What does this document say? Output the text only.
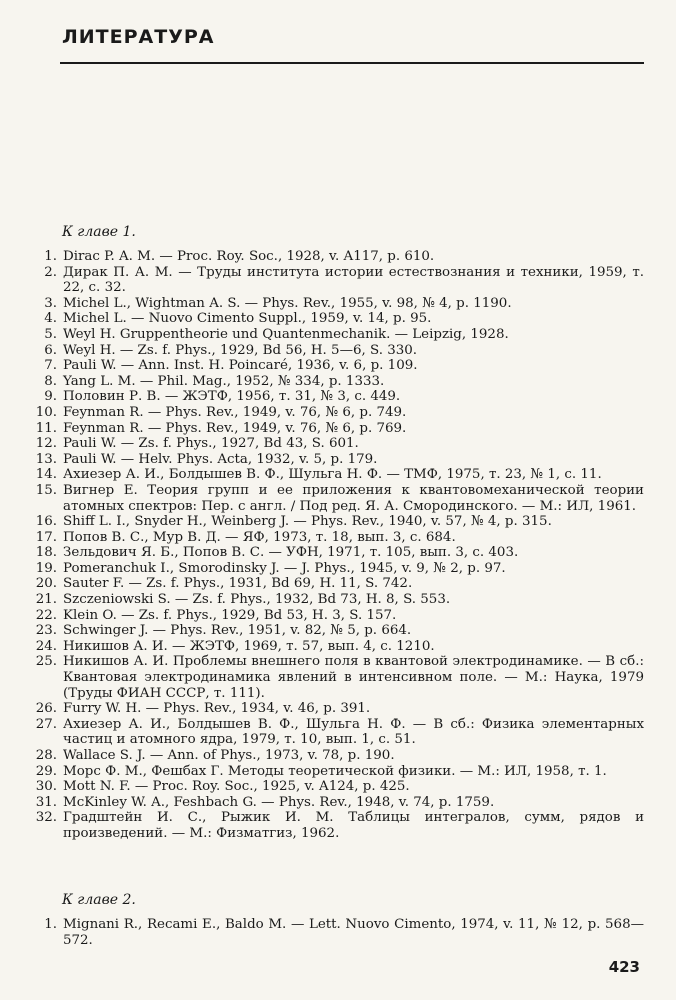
ЛИТЕРАТУРА
К главе 1.
1. Dirac P. A. M. — Proc. Roy. Soc., 1928, v. A117, p. 610.
2. Дирак П. А. М. — Труды института истории естествознания и техники, 1959, т. 22, с. 32.
3. Michel L., Wightman A. S. — Phys. Rev., 1955, v. 98, № 4, p. 1190.
4. Michel L. — Nuovo Cimento Suppl., 1959, v. 14, p. 95.
5. Weyl H. Gruppentheorie und Quantenmechanik. — Leipzig, 1928.
6. Weyl H. — Zs. f. Phys., 1929, Bd 56, H. 5—6, S. 330.
7. Pauli W. — Ann. Inst. H. Poincaré, 1936, v. 6, p. 109.
8. Yang L. M. — Phil. Mag., 1952, № 334, p. 1333.
9. Половин Р. В. — ЖЭТФ, 1956, т. 31, № 3, с. 449.
10. Feynman R. — Phys. Rev., 1949, v. 76, № 6, p. 749.
11. Feynman R. — Phys. Rev., 1949, v. 76, № 6, p. 769.
12. Pauli W. — Zs. f. Phys., 1927, Bd 43, S. 601.
13. Pauli W. — Helv. Phys. Acta, 1932, v. 5, p. 179.
14. Ахиезер А. И., Болдышев В. Ф., Шульга Н. Ф. — ТМФ, 1975, т. 23, № 1, с. 11.
15. Вигнер Е. Теория групп и ее приложения к квантовомеханической теории атомных спектров: Пер. с англ. / Под ред. Я. А. Смородинского. — М.: ИЛ, 1961.
16. Shiff L. I., Snyder H., Weinberg J. — Phys. Rev., 1940, v. 57, № 4, p. 315.
17. Попов В. С., Мур В. Д. — ЯФ, 1973, т. 18, вып. 3, с. 684.
18. Зельдович Я. Б., Попов В. С. — УФН, 1971, т. 105, вып. 3, с. 403.
19. Pomeranchuk I., Smorodinsky J. — J. Phys., 1945, v. 9, № 2, p. 97.
20. Sauter F. — Zs. f. Phys., 1931, Bd 69, H. 11, S. 742.
21. Szczeniowski S. — Zs. f. Phys., 1932, Bd 73, H. 8, S. 553.
22. Klein O. — Zs. f. Phys., 1929, Bd 53, H. 3, S. 157.
23. Schwinger J. — Phys. Rev., 1951, v. 82, № 5, p. 664.
24. Никишов А. И. — ЖЭТФ, 1969, т. 57, вып. 4, с. 1210.
25. Никишов А. И. Проблемы внешнего поля в квантовой электродинамике. — В сб.: Квантовая электродинамика явлений в интенсивном поле. — М.: Наука, 1979 (Труды ФИАН СССР, т. 111).
26. Furry W. H. — Phys. Rev., 1934, v. 46, p. 391.
27. Ахиезер А. И., Болдышев В. Ф., Шульга Н. Ф. — В сб.: Физика элементарных частиц и атомного ядра, 1979, т. 10, вып. 1, с. 51.
28. Wallace S. J. — Ann. of Phys., 1973, v. 78, p. 190.
29. Морс Ф. М., Фешбах Г. Методы теоретической физики. — М.: ИЛ, 1958, т. 1.
30. Mott N. F. — Proc. Roy. Soc., 1925, v. A124, p. 425.
31. McKinley W. A., Feshbach G. — Phys. Rev., 1948, v. 74, p. 1759.
32. Градштейн И. С., Рыжик И. М. Таблицы интегралов, сумм, рядов и произведений. — М.: Физматгиз, 1962.
К главе 2.
1. Mignani R., Recami E., Baldo M. — Lett. Nuovo Cimento, 1974, v. 11, № 12, p. 568—572.
423
